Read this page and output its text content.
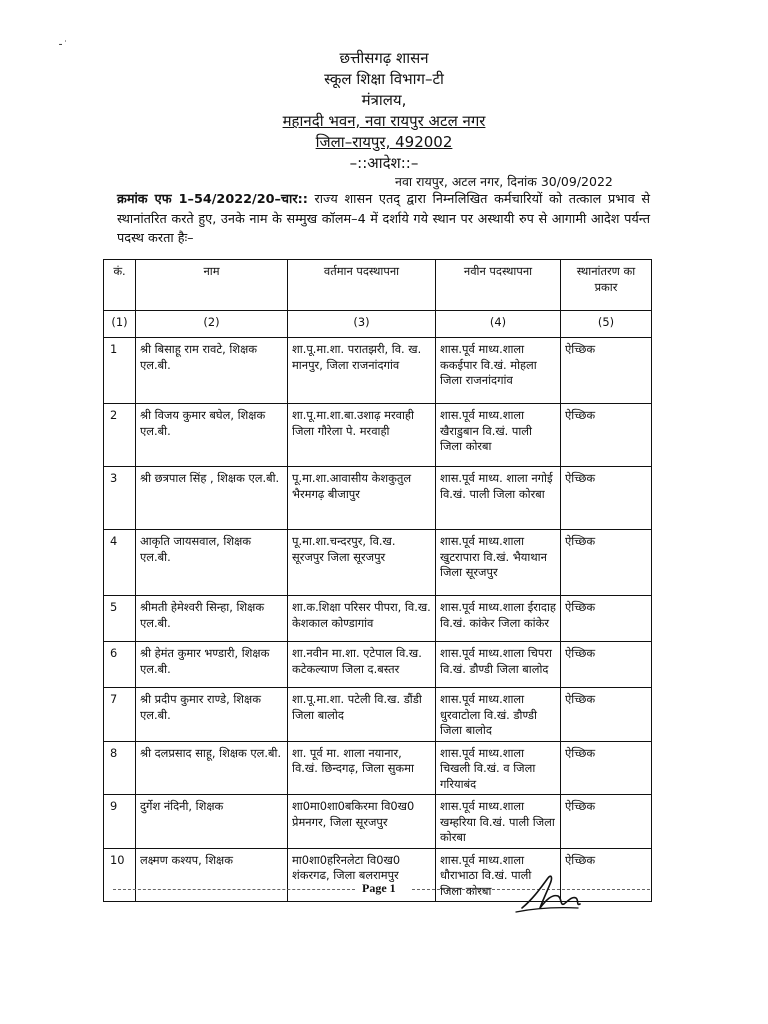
⁃˙
छत्तीसगढ़ शासन
स्कूल शिक्षा विभाग–टी
मंत्रालय,
महानदी भवन, नवा रायपुर अटल नगर
जिला–रायपुर, 492002
–::आदेश::–
नवा रायपुर, अटल नगर, दिनांक 30/09/2022
क्रमांक एफ 1–54/2022/20–चार:: राज्य शासन एतद् द्वारा निम्नलिखित कर्मचारियों को तत्काल प्रभाव से स्थानांतरित करते हुए, उनके नाम के सम्मुख कॉलम–4 में दर्शाये गये स्थान पर अस्थायी रुप से आगामी आदेश पर्यन्त पदस्थ करता हैः–
कं.	नाम	वर्तमान पदस्थापना	नवीन पदस्थापना	स्थानांतरण का प्रकार
(1)	(2)	(3)	(4)	(5)
1	श्री बिसाहू राम रावटे, शिक्षक एल.बी.	शा.पू.मा.शा. परातझरी, वि. ख. मानपुर, जिला राजनांदगांव	शास.पूर्व माध्य.शाला ककईपार वि.खं. मोहला जिला राजनांदगांव	ऐच्छिक
2	श्री विजय कुमार बघेल, शिक्षक एल.बी.	शा.पू.मा.शा.बा.उशाढ़ मरवाही जिला गौरेला पे. मरवाही	शास.पूर्व माध्य.शाला खैराडुबान वि.खं. पाली जिला कोरबा	ऐच्छिक
3	श्री छत्रपाल सिंह , शिक्षक एल.बी.	पू.मा.शा.आवासीय केशकुतुल भैरमगढ़ बीजापुर	शास.पूर्व माध्य. शाला नगोई वि.खं. पाली जिला कोरबा	ऐच्छिक
4	आकृति जायसवाल, शिक्षक एल.बी.	पू.मा.शा.चन्दरपुर, वि.ख. सूरजपुर जिला सूरजपुर	शास.पूर्व माध्य.शाला खुटरापारा वि.खं. भैयाथान जिला सूरजपुर	ऐच्छिक
5	श्रीमती हेमेश्वरी सिन्हा, शिक्षक एल.बी.	शा.क.शिक्षा परिसर पीपरा, वि.ख. केशकाल कोण्डागांव	शास.पूर्व माध्य.शाला ईरादाह वि.खं. कांकेर जिला कांकेर	ऐच्छिक
6	श्री हेमंत कुमार भण्डारी, शिक्षक एल.बी.	शा.नवीन मा.शा. एटेपाल वि.ख. कटेकल्याण जिला द.बस्तर	शास.पूर्व माध्य.शाला चिपरा वि.खं. डौण्डी जिला बालोद	ऐच्छिक
7	श्री प्रदीप कुमार राण्डे, शिक्षक एल.बी.	शा.पू.मा.शा. पटेली वि.ख. डौंडी जिला बालोद	शास.पूर्व माध्य.शाला धुरवाटोला वि.खं. डौण्डी जिला बालोद	ऐच्छिक
8	श्री दलप्रसाद साहू, शिक्षक एल.बी.	शा. पूर्व मा. शाला नयानार, वि.खं. छिन्दगढ़, जिला सुकमा	शास.पूर्व माध्य.शाला चिखली वि.खं. व जिला गरियाबंद	ऐच्छिक
9	दुर्गेश नंदिनी, शिक्षक	शा0मा0शा0बकिरमा वि0ख0 प्रेमनगर, जिला सूरजपुर	शास.पूर्व माध्य.शाला खम्हरिया वि.खं. पाली जिला कोरबा	ऐच्छिक
10	लक्ष्मण कश्यप, शिक्षक	मा0शा0हरिनलेटा वि0ख0 शंकरगढ, जिला बलरामपुर	शास.पूर्व माध्य.शाला धौराभाठा वि.खं. पाली जिला कोरबा	ऐच्छिक
Page 1
